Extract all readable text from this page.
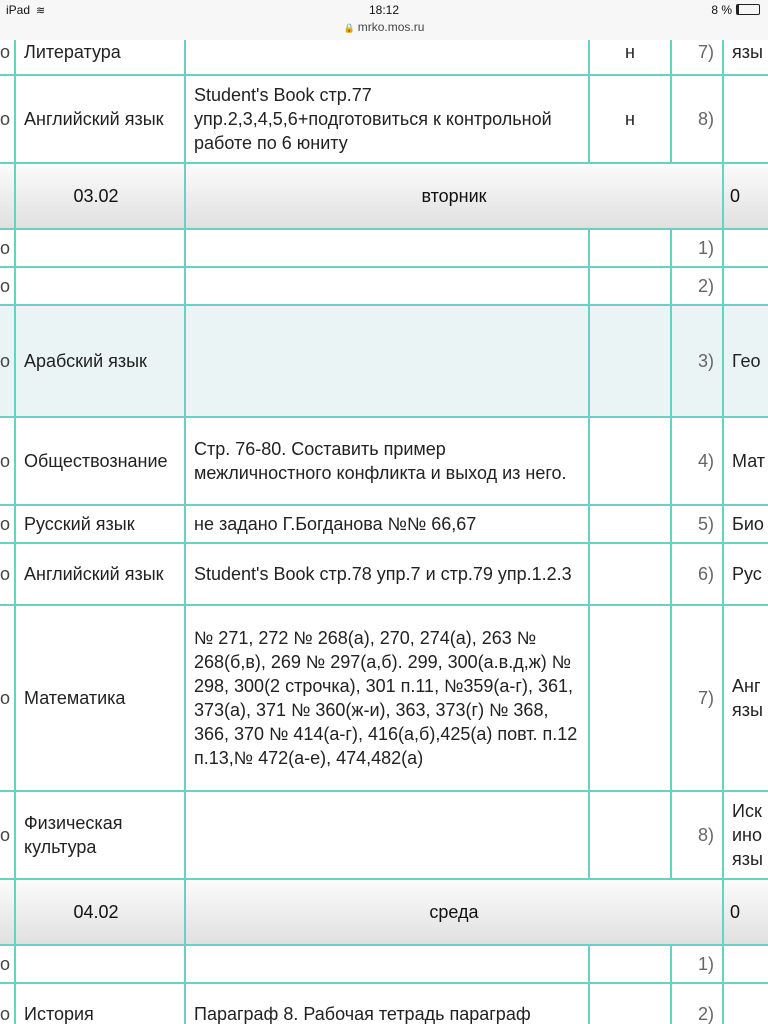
iPad ≋	18:12	8 %
🔒 mrko.mos.ru
o	Литература		н	7)	язы
o	Английский язык	Student's Book стр.77 упр.2,3,4,5,6+подготовиться к контрольной работе по 6 юниту	н	8)	
	03.02	вторник			0
o				1)	
o				2)	
o	Арабский язык			3)	Гео
o	Обществознание	Стр. 76-80. Составить пример межличностного конфликта и выход из него.		4)	Мат
o	Русский язык	не задано Г.Богданова №№ 66,67		5)	Био
o	Английский язык	Student's Book стр.78 упр.7 и стр.79 упр.1.2.3		6)	Рус
o	Математика	№ 271, 272 № 268(а), 270, 274(а), 263 № 268(б,в), 269 № 297(а,б). 299, 300(а.в.д,ж) № 298, 300(2 строчка), 301 п.11, №359(а-г), 361, 373(а), 371 № 360(ж-и), 363, 373(г) № 368, 366, 370 № 414(а-г), 416(а,б),425(а) повт. п.12 п.13,№ 472(а-е), 474,482(а)		7)	Анг
язы
o	Физическая культура			8)	Иск
ино
язы
	04.02	среда			0
o				1)	
o	История	Параграф 8. Рабочая тетрадь параграф		2)	
